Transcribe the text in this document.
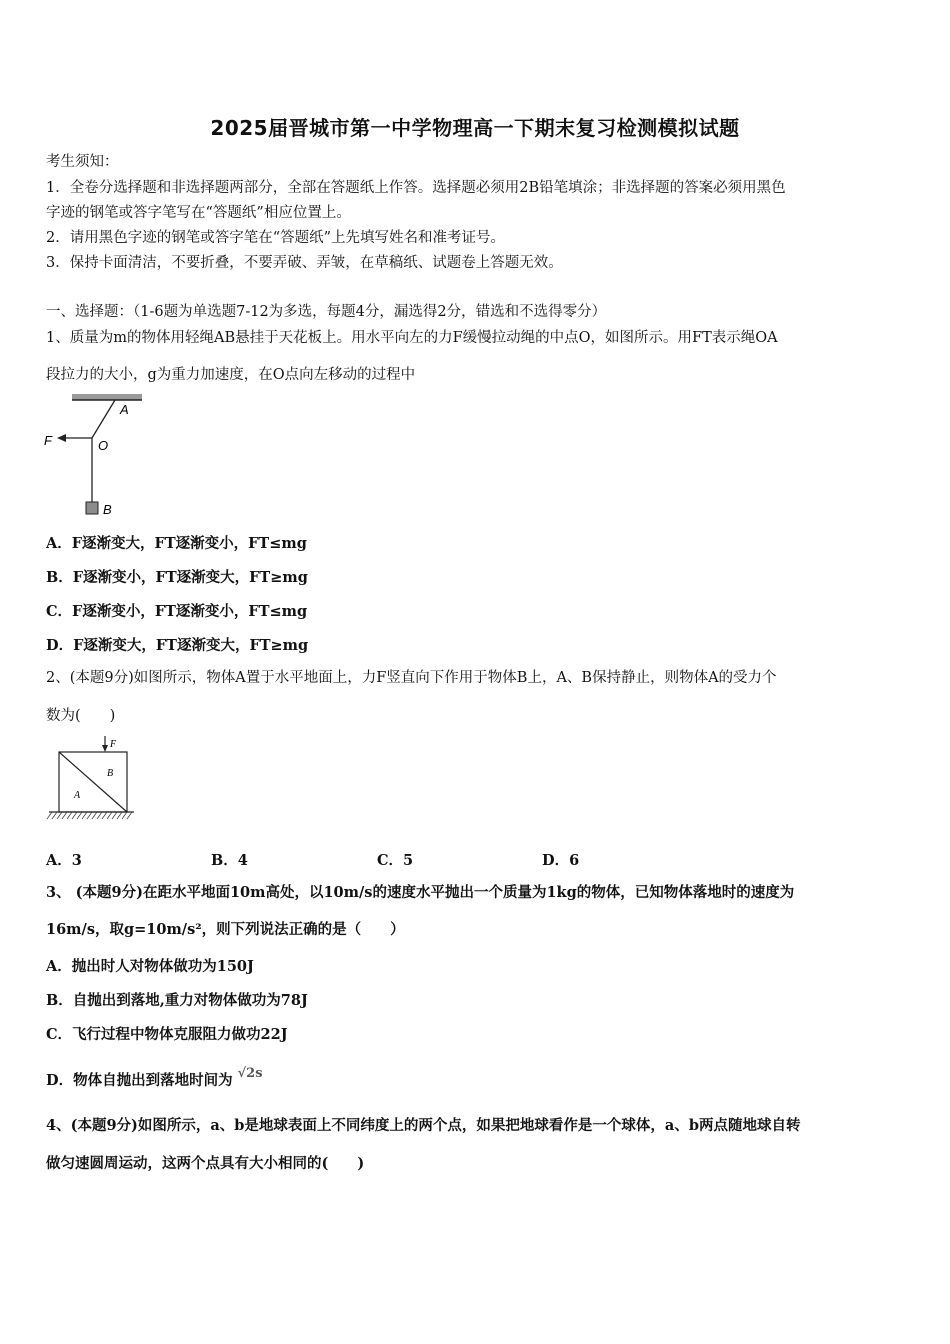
2025届晋城市第一中学物理高一下期末复习检测模拟试题
考生须知：
1．全卷分选择题和非选择题两部分，全部在答题纸上作答。选择题必须用2B铅笔填涂；非选择题的答案必须用黑色
字迹的钢笔或答字笔写在“答题纸”相应位置上。
2．请用黑色字迹的钢笔或答字笔在“答题纸”上先填写姓名和准考证号。
3．保持卡面清洁，不要折叠，不要弄破、弄皱，在草稿纸、试题卷上答题无效。
一、选择题：（1-6题为单选题7-12为多选，每题4分，漏选得2分，错选和不选得零分）
1、质量为m的物体用轻绳AB悬挂于天花板上。用水平向左的力F缓慢拉动绳的中点O，如图所示。用FT表示绳OA
段拉力的大小，g为重力加速度，在O点向左移动的过程中
A
O
F
B
A．F逐渐变大，FT逐渐变小，FT≤mg
B．F逐渐变小，FT逐渐变大，FT≥mg
C．F逐渐变小，FT逐渐变小，FT≤mg
D．F逐渐变大，FT逐渐变大，FT≥mg
2、(本题9分)如图所示，物体A置于水平地面上，力F竖直向下作用于物体B上，A、B保持静止，则物体A的受力个
数为(　　)
F
B
A
A．3	B．4	C．5	D．6
3、 (本题9分)在距水平地面10m高处，以10m/s的速度水平抛出一个质量为1kg的物体，已知物体落地时的速度为
16m/s，取g=10m/s²，则下列说法正确的是（　　）
A．抛出时人对物体做功为150J
B．自抛出到落地,重力对物体做功为78J
C．飞行过程中物体克服阻力做功22J
D．物体自抛出到落地时间为 √2s
4、(本题9分)如图所示，a、b是地球表面上不同纬度上的两个点，如果把地球看作是一个球体，a、b两点随地球自转
做匀速圆周运动，这两个点具有大小相同的(　　)
